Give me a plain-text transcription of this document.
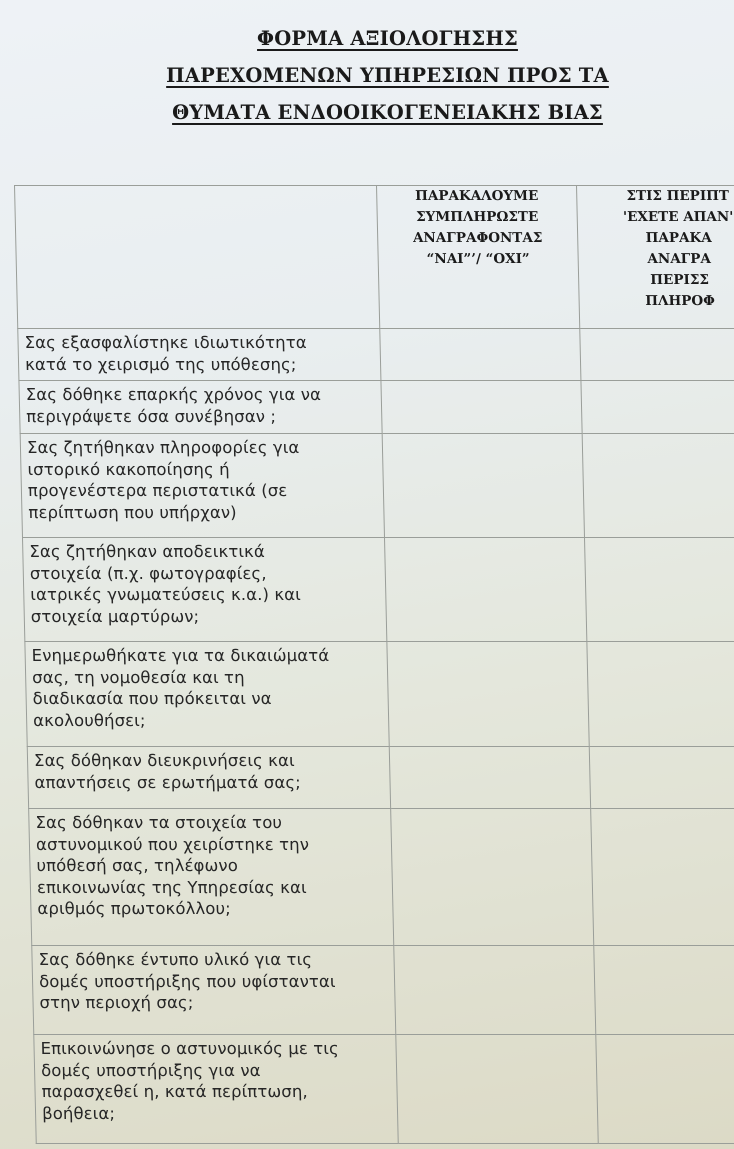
ΦΟΡΜΑ ΑΞΙΟΛΟΓΗΣΗΣ
ΠΑΡΕΧΟΜΕΝΩΝ ΥΠΗΡΕΣΙΩΝ ΠΡΟΣ ΤΑ
ΘΥΜΑΤΑ ΕΝΔΟΟΙΚΟΓΕΝΕΙΑΚΗΣ ΒΙΑΣ

ΠΑΡΑΚΑΛΟΥΜΕ
ΣΥΜΠΛΗΡΩΣΤΕ
ΑΝΑΓΡΑΦΟΝΤΑΣ
“ΝΑΙ”’/ “ΟΧΙ”

ΣΤΙΣ ΠΕΡΙΠΤ
'ΕΧΕΤΕ ΑΠΑΝ'
ΠΑΡΑΚΑ
ΑΝΑΓΡΑ
ΠΕΡΙΣΣ
ΠΛΗΡΟΦ

Σας εξασφαλίστηκε ιδιωτικότητα
κατά το χειρισμό της υπόθεσης;		
Σας δόθηκε επαρκής χρόνος για να
περιγράψετε όσα συνέβησαν ;		
Σας ζητήθηκαν πληροφορίες για
ιστορικό κακοποίησης ή
προγενέστερα περιστατικά (σε
περίπτωση που υπήρχαν)		
Σας ζητήθηκαν αποδεικτικά
στοιχεία (π.χ. φωτογραφίες,
ιατρικές γνωματεύσεις κ.α.) και
στοιχεία μαρτύρων;		
Ενημερωθήκατε για τα δικαιώματά
σας, τη νομοθεσία και τη
διαδικασία που πρόκειται να
ακολουθήσει;		
Σας δόθηκαν διευκρινήσεις και
απαντήσεις σε ερωτήματά σας;		
Σας δόθηκαν τα στοιχεία του
αστυνομικού που χειρίστηκε την
υπόθεσή σας, τηλέφωνο
επικοινωνίας της Υπηρεσίας και
αριθμός πρωτοκόλλου;		
Σας δόθηκε έντυπο υλικό για τις
δομές υποστήριξης που υφίστανται
στην περιοχή σας;		
Επικοινώνησε ο αστυνομικός με τις
δομές υποστήριξης για να
παρασχεθεί η, κατά περίπτωση,
βοήθεια;		
